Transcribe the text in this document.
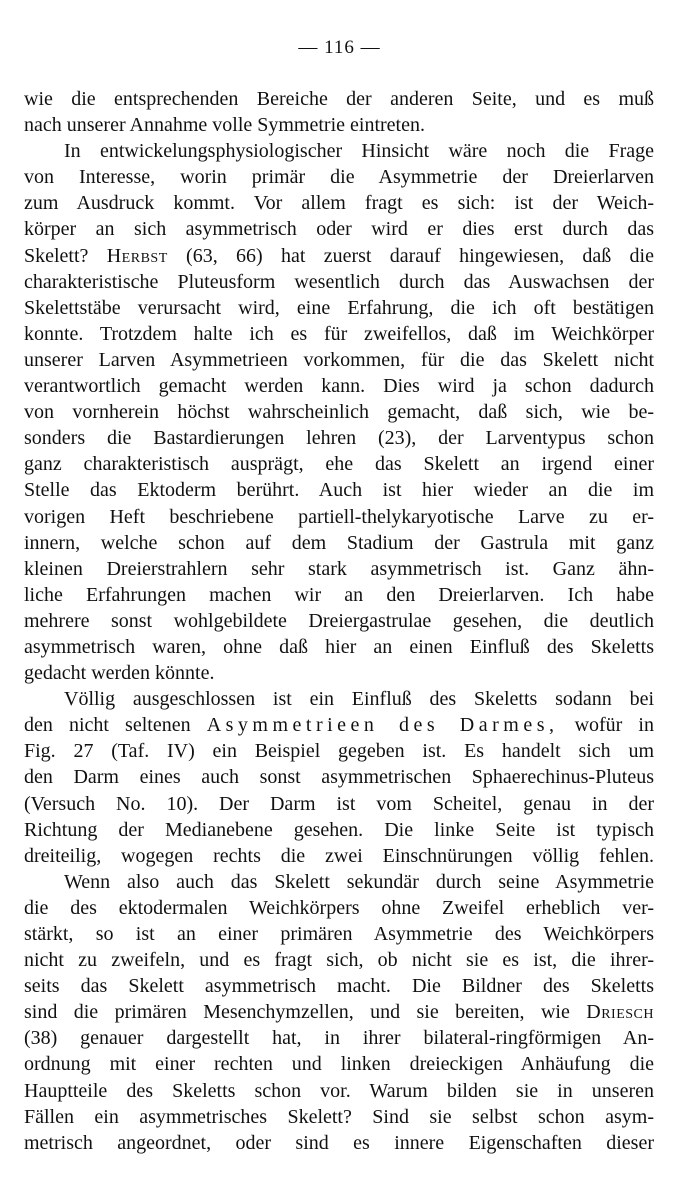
— 116 —
wie die entsprechenden Bereiche der anderen Seite, und es muß
nach unserer Annahme volle Symmetrie eintreten.
In entwickelungsphysiologischer Hinsicht wäre noch die Frage
von Interesse, worin primär die Asymmetrie der Dreierlarven
zum Ausdruck kommt. Vor allem fragt es sich: ist der Weich-
körper an sich asymmetrisch oder wird er dies erst durch das
Skelett? Herbst (63, 66) hat zuerst darauf hingewiesen, daß die
charakteristische Pluteusform wesentlich durch das Auswachsen der
Skelettstäbe verursacht wird, eine Erfahrung, die ich oft bestätigen
konnte. Trotzdem halte ich es für zweifellos, daß im Weichkörper
unserer Larven Asymmetrieen vorkommen, für die das Skelett nicht
verantwortlich gemacht werden kann. Dies wird ja schon dadurch
von vornherein höchst wahrscheinlich gemacht, daß sich, wie be-
sonders die Bastardierungen lehren (23), der Larventypus schon
ganz charakteristisch ausprägt, ehe das Skelett an irgend einer
Stelle das Ektoderm berührt. Auch ist hier wieder an die im
vorigen Heft beschriebene partiell-thelykaryotische Larve zu er-
innern, welche schon auf dem Stadium der Gastrula mit ganz
kleinen Dreierstrahlern sehr stark asymmetrisch ist. Ganz ähn-
liche Erfahrungen machen wir an den Dreierlarven. Ich habe
mehrere sonst wohlgebildete Dreiergastrulae gesehen, die deutlich
asymmetrisch waren, ohne daß hier an einen Einfluß des Skeletts
gedacht werden könnte.
Völlig ausgeschlossen ist ein Einfluß des Skeletts sodann bei
den nicht seltenen Asymmetrieen des Darmes, wofür in
Fig. 27 (Taf. IV) ein Beispiel gegeben ist. Es handelt sich um
den Darm eines auch sonst asymmetrischen Sphaerechinus-Pluteus
(Versuch No. 10). Der Darm ist vom Scheitel, genau in der
Richtung der Medianebene gesehen. Die linke Seite ist typisch
dreiteilig, wogegen rechts die zwei Einschnürungen völlig fehlen.
Wenn also auch das Skelett sekundär durch seine Asymmetrie
die des ektodermalen Weichkörpers ohne Zweifel erheblich ver-
stärkt, so ist an einer primären Asymmetrie des Weichkörpers
nicht zu zweifeln, und es fragt sich, ob nicht sie es ist, die ihrer-
seits das Skelett asymmetrisch macht. Die Bildner des Skeletts
sind die primären Mesenchymzellen, und sie bereiten, wie Driesch
(38) genauer dargestellt hat, in ihrer bilateral-ringförmigen An-
ordnung mit einer rechten und linken dreieckigen Anhäufung die
Hauptteile des Skeletts schon vor. Warum bilden sie in unseren
Fällen ein asymmetrisches Skelett? Sind sie selbst schon asym-
metrisch angeordnet, oder sind es innere Eigenschaften dieser
